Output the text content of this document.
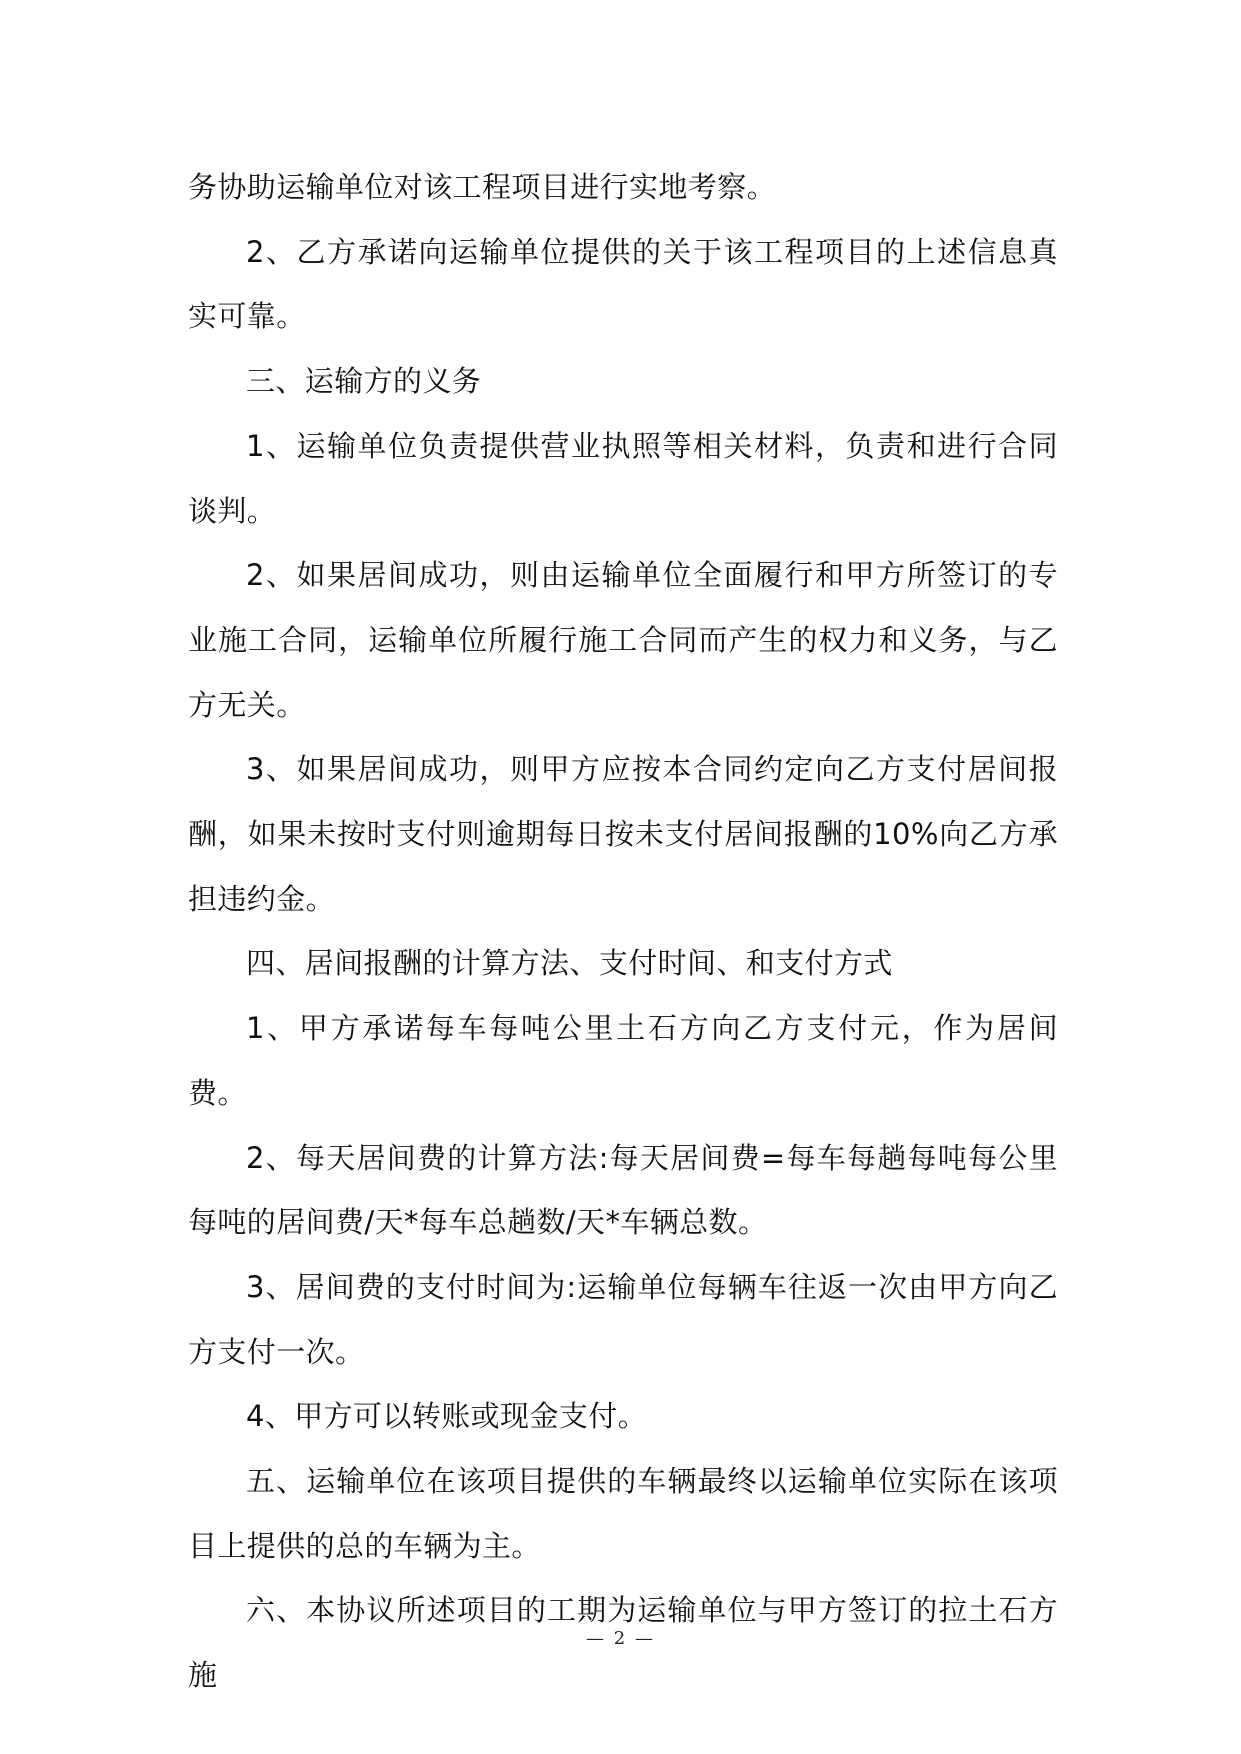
务协助运输单位对该工程项目进行实地考察。

2、乙方承诺向运输单位提供的关于该工程项目的上述信息真实可靠。

三、运输方的义务

1、运输单位负责提供营业执照等相关材料，负责和进行合同谈判。

2、如果居间成功，则由运输单位全面履行和甲方所签订的专业施工合同，运输单位所履行施工合同而产生的权力和义务，与乙方无关。

3、如果居间成功，则甲方应按本合同约定向乙方支付居间报酬，如果未按时支付则逾期每日按未支付居间报酬的10%向乙方承担违约金。

四、居间报酬的计算方法、支付时间、和支付方式

1、甲方承诺每车每吨公里土石方向乙方支付元，作为居间费。

2、每天居间费的计算方法:每天居间费=每车每趟每吨每公里每吨的居间费/天*每车总趟数/天*车辆总数。

3、居间费的支付时间为:运输单位每辆车往返一次由甲方向乙方支付一次。

4、甲方可以转账或现金支付。

五、运输单位在该项目提供的车辆最终以运输单位实际在该项目上提供的总的车辆为主。

六、本协议所述项目的工期为运输单位与甲方签订的拉土石方施

— 2 —
